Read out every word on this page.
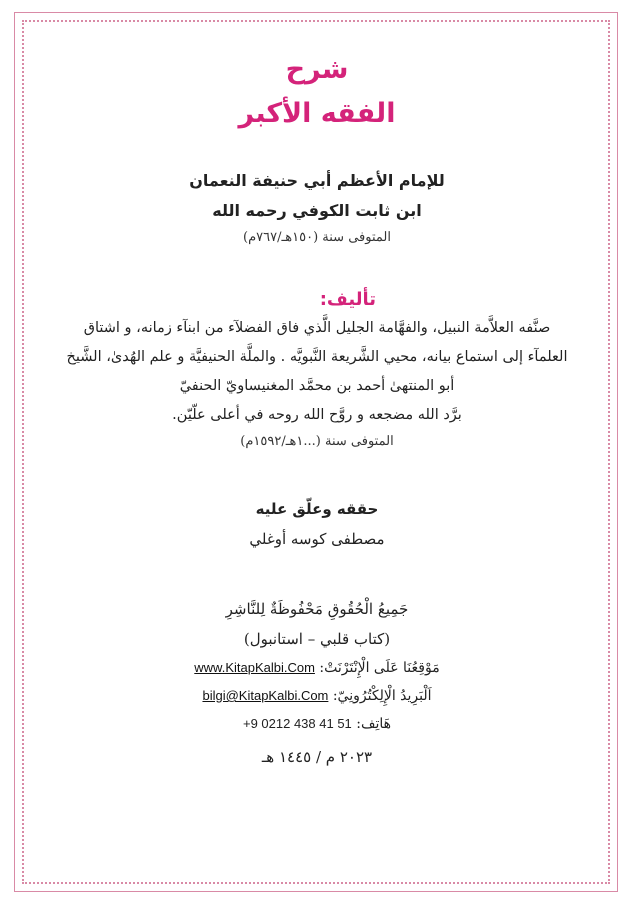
شرح

الفقه الأكبر

للإمام الأعظم أبي حنيفة النعمان
ابن ثابت الكوفي رحمه الله
المتوفى سنة (١٥٠هـ/٧٦٧م)
تأليف:
صنَّفه العلاَّمة النبيل، والفهَّامة الجليل الَّذي فاق الفضلآء من ابنآء زمانه، و اشتاق
العلمآء إلى استماع بيانه، محيي الشَّريعة النَّبويَّه . والملَّة الحنيفيَّة و علم الهُدىٰ، الشَّيخ
أبو المنتهىٰ أحمد بن محمَّد المغنيساويّ الحنفيّ
برَّد الله مضجعه و روَّح الله روحه في أعلى علّيّن.
المتوفى سنة (...١هـ/١٥٩٢م)
حققه وعلّق عليه
مصطفى كوسه أوغلي
جَمِيعُ الْحُقُوقِ مَحْفُوظَةٌ لِلنَّاشِرِ
(كتاب قلبي – استانبول)
مَوْقِعُنَا عَلَى الْإِنْتَرْنَتْ: www.KitapKalbi.Com
اَلْبَرِيدُ الْإِلِكْتُرُونِيّ: bilgi@KitapKalbi.Com
هَاتِف: +9 0212 438 41 51
٢٠٢٣ م / ١٤٤٥ هـ
